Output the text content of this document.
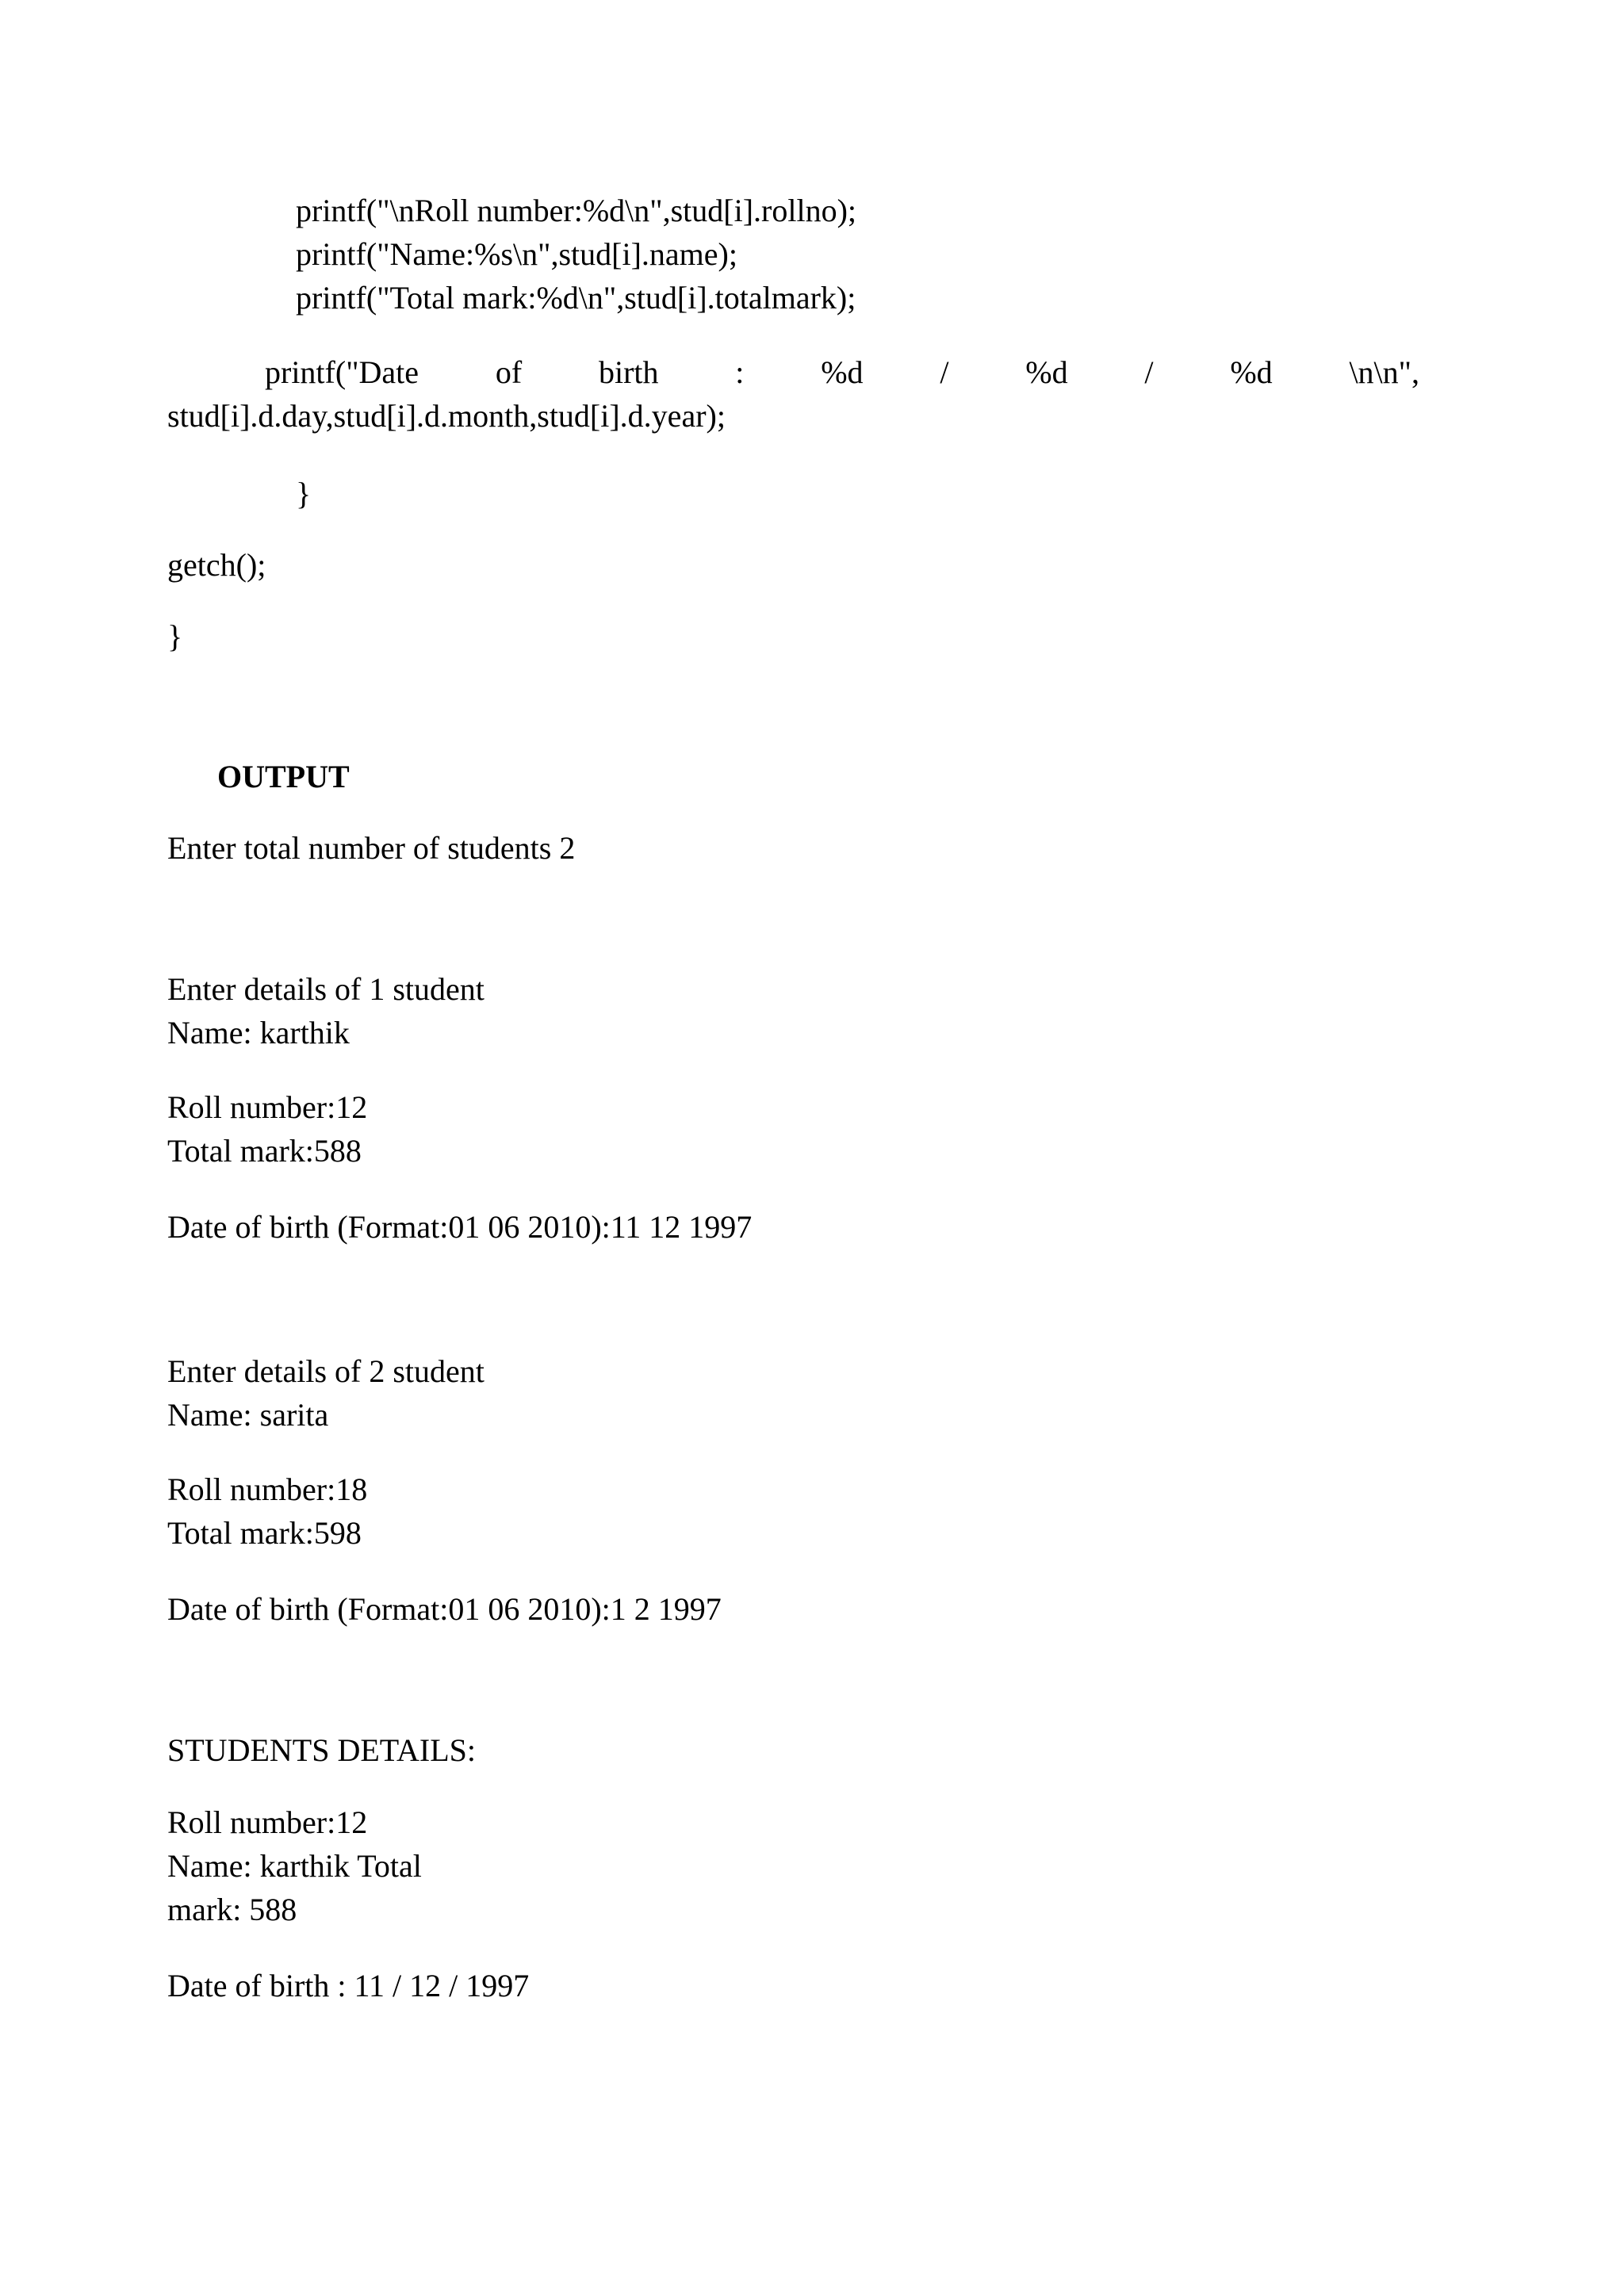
printf("\nRoll number:%d\n",stud[i].rollno);

printf("Name:%s\n",stud[i].name);

printf("Total mark:%d\n",stud[i].totalmark);

printf("Date of birth : %d / %d / %d \n\n",

stud[i].d.day,stud[i].d.month,stud[i].d.year);

}

getch();

}

OUTPUT

Enter total number of students 2

Enter details of 1 student

Name: karthik

Roll number:12

Total mark:588

Date of birth (Format:01 06 2010):11 12 1997

Enter details of 2 student

Name: sarita

Roll number:18

Total mark:598

Date of birth (Format:01 06 2010):1 2 1997

STUDENTS DETAILS:

Roll number:12

Name: karthik Total

mark: 588

Date of birth : 11 / 12 / 1997
